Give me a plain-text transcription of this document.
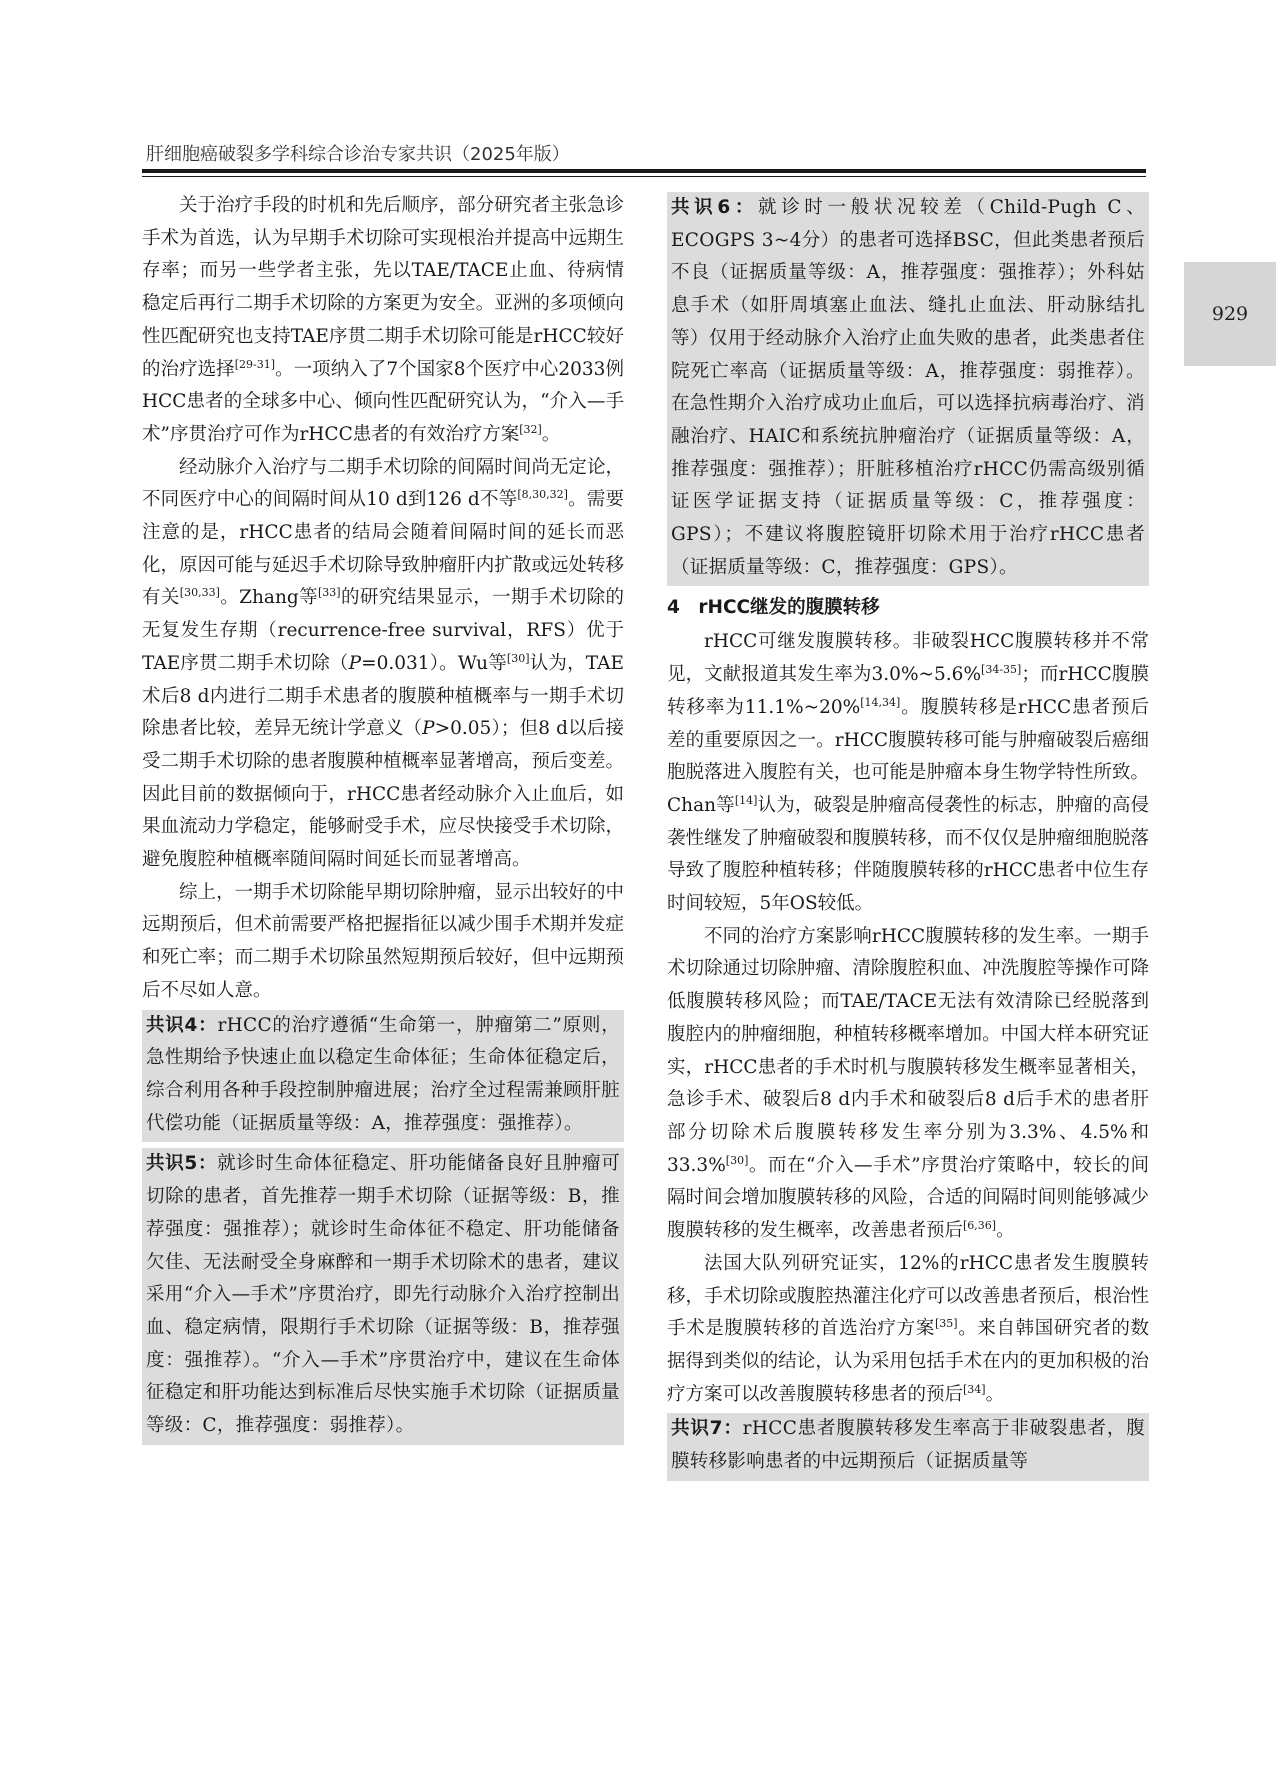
肝细胞癌破裂多学科综合诊治专家共识（2025年版）
929

关于治疗手段的时机和先后顺序，部分研究者主张急诊手术为首选，认为早期手术切除可实现根治并提高中远期生存率；而另一些学者主张，先以TAE/TACE止血、待病情稳定后再行二期手术切除的方案更为安全。亚洲的多项倾向性匹配研究也支持TAE序贯二期手术切除可能是rHCC较好的治疗选择[29-31]。一项纳入了7个国家8个医疗中心2033例HCC患者的全球多中心、倾向性匹配研究认为，“介入—手术”序贯治疗可作为rHCC患者的有效治疗方案[32]。

经动脉介入治疗与二期手术切除的间隔时间尚无定论，不同医疗中心的间隔时间从10 d到126 d不等[8,30,32]。需要注意的是，rHCC患者的结局会随着间隔时间的延长而恶化，原因可能与延迟手术切除导致肿瘤肝内扩散或远处转移有关[30,33]。Zhang等[33]的研究结果显示，一期手术切除的无复发生存期（recurrence-free survival，RFS）优于TAE序贯二期手术切除（P=0.031）。Wu等[30]认为，TAE术后8 d内进行二期手术患者的腹膜种植概率与一期手术切除患者比较，差异无统计学意义（P>0.05）；但8 d以后接受二期手术切除的患者腹膜种植概率显著增高，预后变差。因此目前的数据倾向于，rHCC患者经动脉介入止血后，如果血流动力学稳定，能够耐受手术，应尽快接受手术切除，避免腹腔种植概率随间隔时间延长而显著增高。

综上，一期手术切除能早期切除肿瘤，显示出较好的中远期预后，但术前需要严格把握指征以减少围手术期并发症和死亡率；而二期手术切除虽然短期预后较好，但中远期预后不尽如人意。

共识4：rHCC的治疗遵循“生命第一，肿瘤第二”原则，急性期给予快速止血以稳定生命体征；生命体征稳定后，综合利用各种手段控制肿瘤进展；治疗全过程需兼顾肝脏代偿功能（证据质量等级：A，推荐强度：强推荐）。

共识5：就诊时生命体征稳定、肝功能储备良好且肿瘤可切除的患者，首先推荐一期手术切除（证据等级：B，推荐强度：强推荐）；就诊时生命体征不稳定、肝功能储备欠佳、无法耐受全身麻醉和一期手术切除术的患者，建议采用“介入—手术”序贯治疗，即先行动脉介入治疗控制出血、稳定病情，限期行手术切除（证据等级：B，推荐强度：强推荐）。“介入—手术”序贯治疗中，建议在生命体征稳定和肝功能达到标准后尽快实施手术切除（证据质量等级：C，推荐强度：弱推荐）。

共识6：就诊时一般状况较差（Child-Pugh C、ECOGPS 3~4分）的患者可选择BSC，但此类患者预后不良（证据质量等级：A，推荐强度：强推荐）；外科姑息手术（如肝周填塞止血法、缝扎止血法、肝动脉结扎等）仅用于经动脉介入治疗止血失败的患者，此类患者住院死亡率高（证据质量等级：A，推荐强度：弱推荐）。在急性期介入治疗成功止血后，可以选择抗病毒治疗、消融治疗、HAIC和系统抗肿瘤治疗（证据质量等级：A，推荐强度：强推荐）；肝脏移植治疗rHCC仍需高级别循证医学证据支持（证据质量等级：C，推荐强度：GPS）；不建议将腹腔镜肝切除术用于治疗rHCC患者（证据质量等级：C，推荐强度：GPS）。

4　rHCC继发的腹膜转移

rHCC可继发腹膜转移。非破裂HCC腹膜转移并不常见，文献报道其发生率为3.0%~5.6%[34-35]；而rHCC腹膜转移率为11.1%~20%[14,34]。腹膜转移是rHCC患者预后差的重要原因之一。rHCC腹膜转移可能与肿瘤破裂后癌细胞脱落进入腹腔有关，也可能是肿瘤本身生物学特性所致。Chan等[14]认为，破裂是肿瘤高侵袭性的标志，肿瘤的高侵袭性继发了肿瘤破裂和腹膜转移，而不仅仅是肿瘤细胞脱落导致了腹腔种植转移；伴随腹膜转移的rHCC患者中位生存时间较短，5年OS较低。

不同的治疗方案影响rHCC腹膜转移的发生率。一期手术切除通过切除肿瘤、清除腹腔积血、冲洗腹腔等操作可降低腹膜转移风险；而TAE/TACE无法有效清除已经脱落到腹腔内的肿瘤细胞，种植转移概率增加。中国大样本研究证实，rHCC患者的手术时机与腹膜转移发生概率显著相关，急诊手术、破裂后8 d内手术和破裂后8 d后手术的患者肝部分切除术后腹膜转移发生率分别为3.3%、4.5%和33.3%[30]。而在“介入—手术”序贯治疗策略中，较长的间隔时间会增加腹膜转移的风险，合适的间隔时间则能够减少腹膜转移的发生概率，改善患者预后[6,36]。

法国大队列研究证实，12%的rHCC患者发生腹膜转移，手术切除或腹腔热灌注化疗可以改善患者预后，根治性手术是腹膜转移的首选治疗方案[35]。来自韩国研究者的数据得到类似的结论，认为采用包括手术在内的更加积极的治疗方案可以改善腹膜转移患者的预后[34]。

共识7：rHCC患者腹膜转移发生率高于非破裂患者，腹膜转移影响患者的中远期预后（证据质量等
